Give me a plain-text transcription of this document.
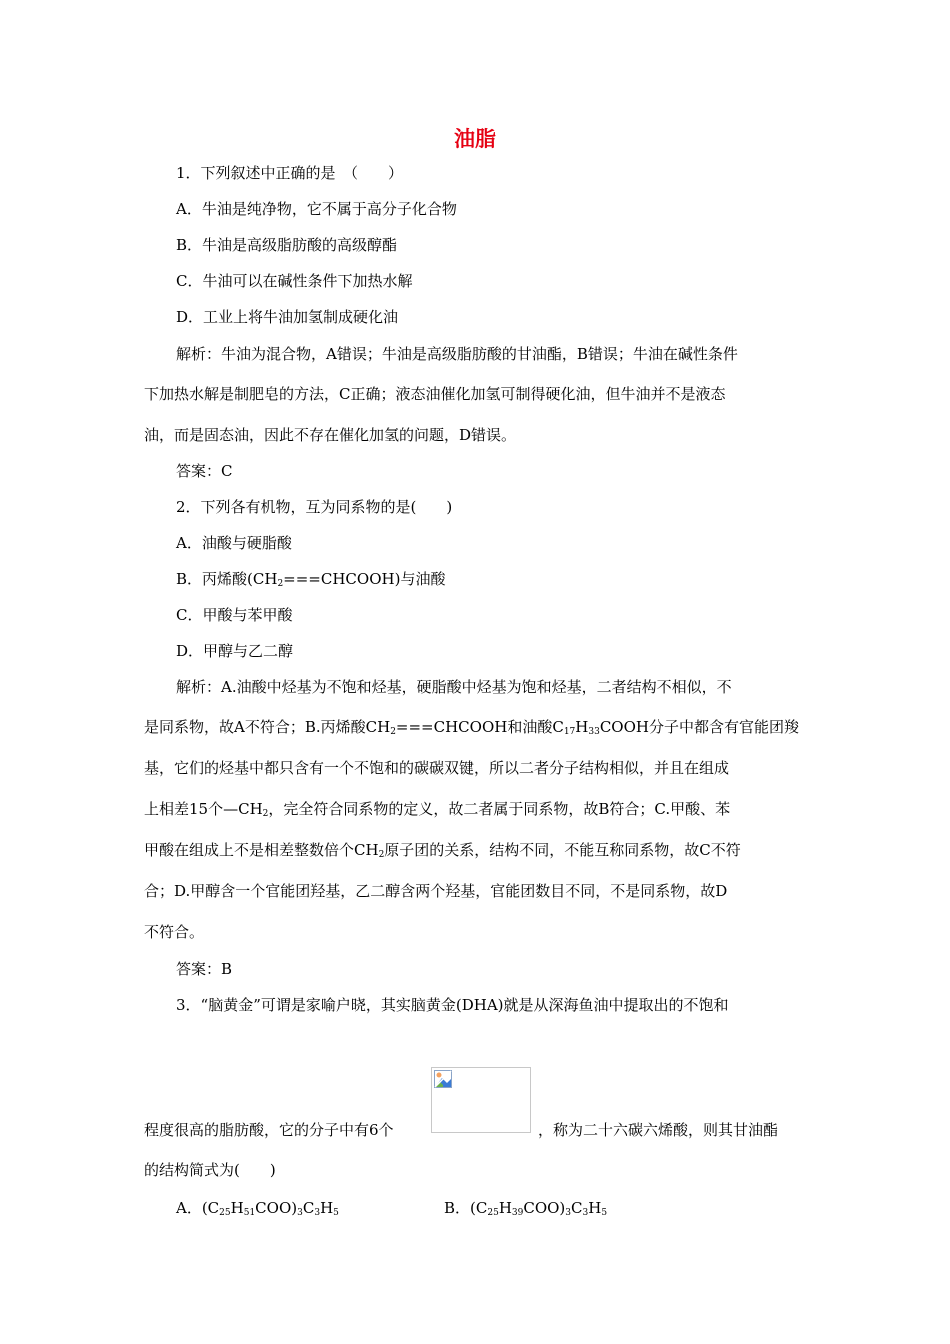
油脂
1．下列叙述中正确的是　（　　）
A．牛油是纯净物，它不属于高分子化合物
B．牛油是高级脂肪酸的高级醇酯
C．牛油可以在碱性条件下加热水解
D．工业上将牛油加氢制成硬化油
解析：牛油为混合物，A错误；牛油是高级脂肪酸的甘油酯，B错误；牛油在碱性条件
下加热水解是制肥皂的方法，C正确；液态油催化加氢可制得硬化油，但牛油并不是液态
油，而是固态油，因此不存在催化加氢的问题，D错误。
答案：C
2．下列各有机物，互为同系物的是(　　)
A．油酸与硬脂酸
B．丙烯酸$(CH_2===CHCOOH)$与油酸
C．甲酸与苯甲酸
D．甲醇与乙二醇
解析：A.油酸中烃基为不饱和烃基，硬脂酸中烃基为饱和烃基，二者结构不相似，不
是同系物，故A不符合；B.丙烯酸$CH_2===CHCOOH$和油酸$C_{17}H_{33}COOH$分子中都含有官能团羧
基，它们的烃基中都只含有一个不饱和的碳碳双键，所以二者分子结构相似，并且在组成
上相差15个$—CH_2$，完全符合同系物的定义，故二者属于同系物，故B符合；C.甲酸、苯
甲酸在组成上不是相差整数倍个$CH_2$原子团的关系，结构不同，不能互称同系物，故C不符
合；D.甲醇含一个官能团羟基，乙二醇含两个羟基，官能团数目不同，不是同系物，故D
不符合。
答案：B
3．“脑黄金”可谓是家喻户晓，其实脑黄金(DHA)就是从深海鱼油中提取出的不饱和
程度很高的脂肪酸，它的分子中有6个	，称为二十六碳六烯酸，则其甘油酯
的结构简式为(　　)
A．$(C_{25}H_{51}COO)_3C_3H_5$	B．$(C_{25}H_{39}COO)_3C_3H_5$
